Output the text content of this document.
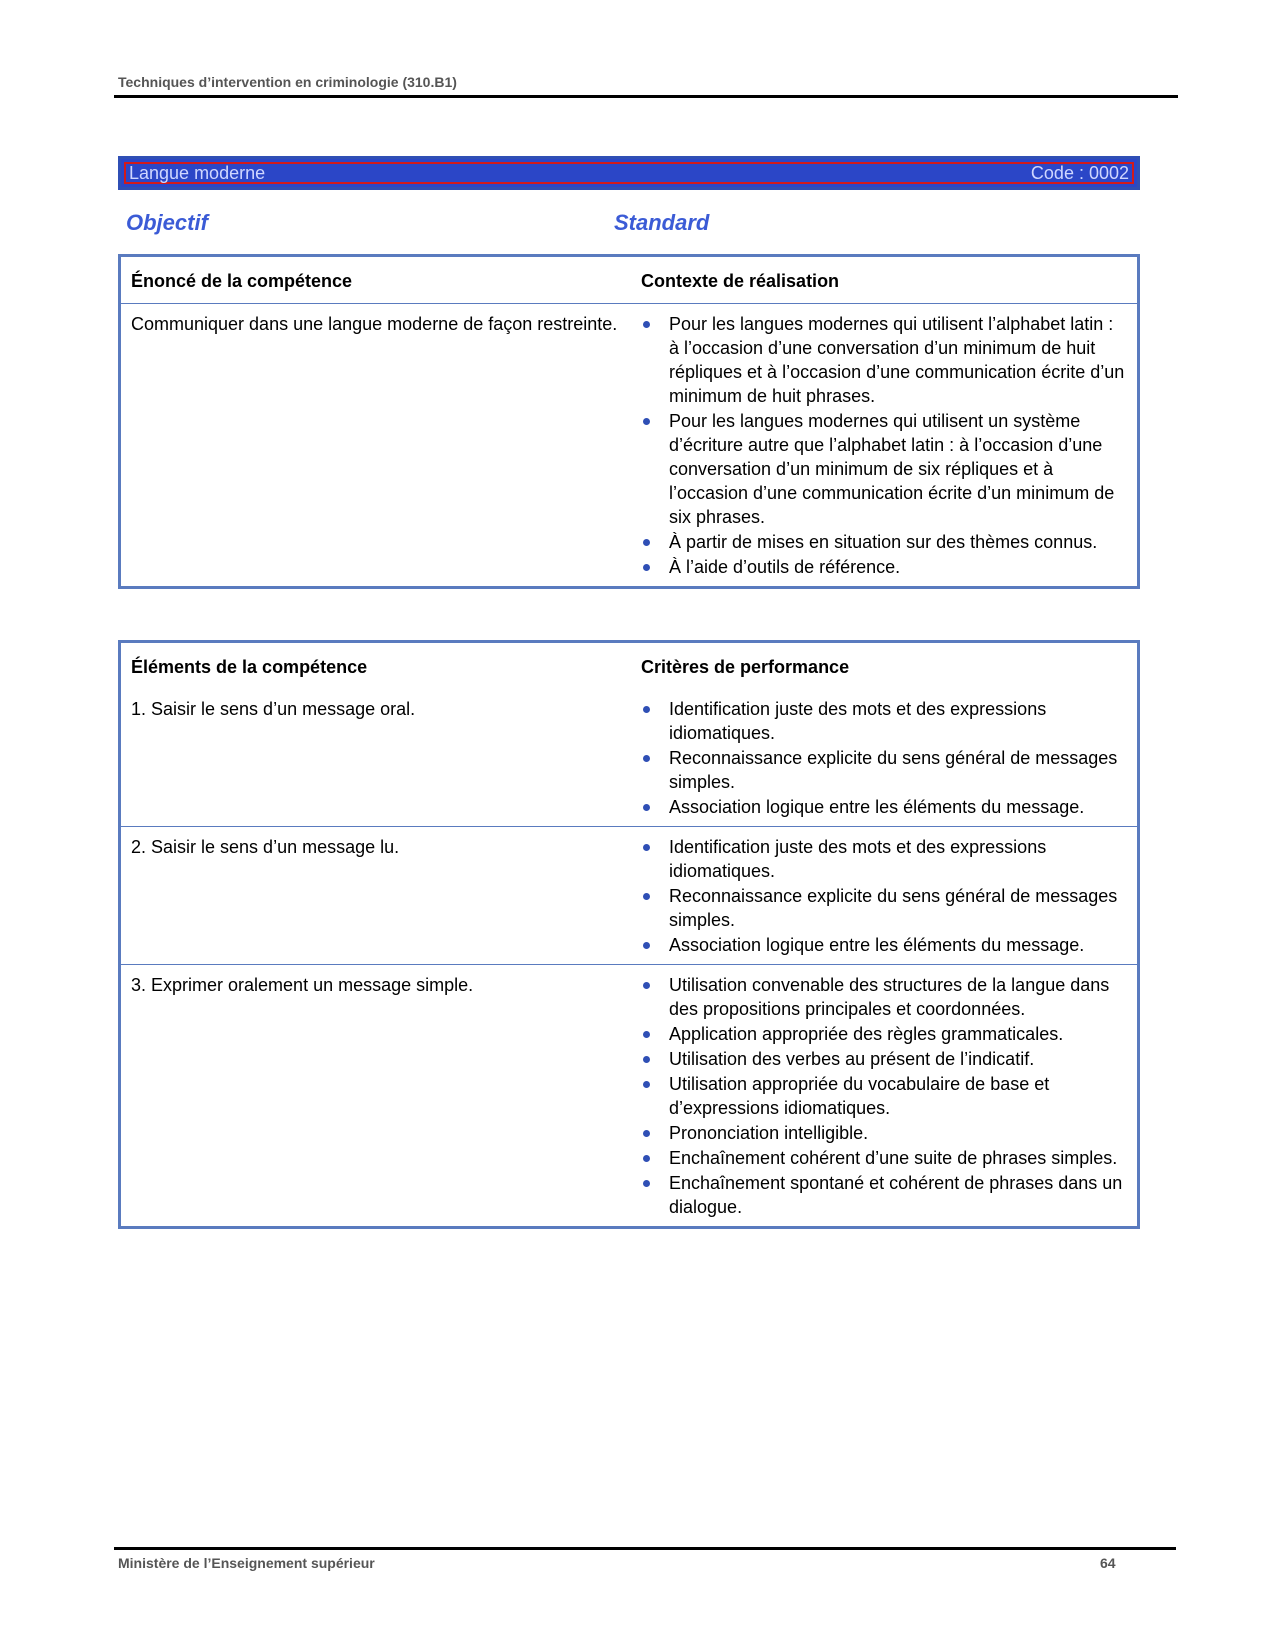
Techniques d’intervention en criminologie (310.B1)
Langue moderne	Code : 0002
Objectif	Standard
Énoncé de la compétence	Contexte de réalisation
Communiquer dans une langue moderne de façon restreinte.	Pour les langues modernes qui utilisent l’alphabet latin : à l’occasion d’une conversation d’un minimum de huit répliques et à l’occasion d’une communication écrite d’un minimum de huit phrases.
Pour les langues modernes qui utilisent un système d’écriture autre que l’alphabet latin : à l’occasion d’une conversation d’un minimum de six répliques et à l’occasion d’une communication écrite d’un minimum de six phrases.
À partir de mises en situation sur des thèmes connus.
À l’aide d’outils de référence.
Éléments de la compétence	Critères de performance
1. Saisir le sens d’un message oral.	Identification juste des mots et des expressions idiomatiques.
Reconnaissance explicite du sens général de messages simples.
Association logique entre les éléments du message.
2. Saisir le sens d’un message lu.	Identification juste des mots et des expressions idiomatiques.
Reconnaissance explicite du sens général de messages simples.
Association logique entre les éléments du message.
3. Exprimer oralement un message simple.	Utilisation convenable des structures de la langue dans des propositions principales et coordonnées.
Application appropriée des règles grammaticales.
Utilisation des verbes au présent de l’indicatif.
Utilisation appropriée du vocabulaire de base et d’expressions idiomatiques.
Prononciation intelligible.
Enchaînement cohérent d’une suite de phrases simples.
Enchaînement spontané et cohérent de phrases dans un dialogue.
Ministère de l’Enseignement supérieur	64
